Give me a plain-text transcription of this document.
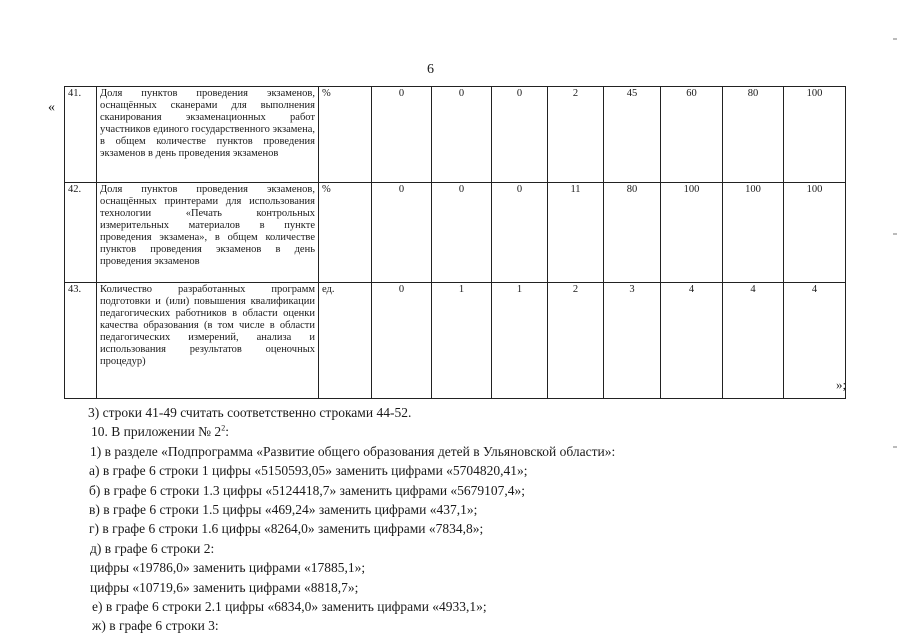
6
«
41.	Доля пунктов проведения экзаменов, оснащённых сканерами для выполнения сканирования экзаменационных работ участников единого государственного экзамена, в общем количестве пунктов проведения экзаменов в день проведения экзаменов	%	0	0	0	2	45	60	80	100
42.	Доля пунктов проведения экзаменов, оснащённых принтерами для использования технологии «Печать контрольных измерительных материалов в пункте проведения экзамена», в общем количестве пунктов проведения экзаменов в день проведения экзаменов	%	0	0	0	11	80	100	100	100
43.	Количество разработанных программ подготовки и (или) повышения квалификации педагогических работников в области оценки качества образования (в том числе в области педагогических измерений, анализа и использования результатов оценочных процедур)	ед.	0	1	1	2	3	4	4	4
»;
3) строки 41-49 считать соответственно строками 44-52.
10. В приложении № $2^2$:
1) в разделе «Подпрограмма «Развитие общего образования детей в Ульяновской области»:
а) в графе 6 строки 1 цифры «5150593,05» заменить цифрами «5704820,41»;
б) в графе 6 строки 1.3 цифры «5124418,7» заменить цифрами «5679107,4»;
в) в графе 6 строки 1.5 цифры «469,24» заменить цифрами «437,1»;
г) в графе 6 строки 1.6 цифры «8264,0» заменить цифрами «7834,8»;
д) в графе 6 строки 2:
цифры «19786,0» заменить цифрами «17885,1»;
цифры «10719,6» заменить цифрами «8818,7»;
е) в графе 6 строки 2.1 цифры «6834,0» заменить цифрами «4933,1»;
ж) в графе 6 строки 3:
